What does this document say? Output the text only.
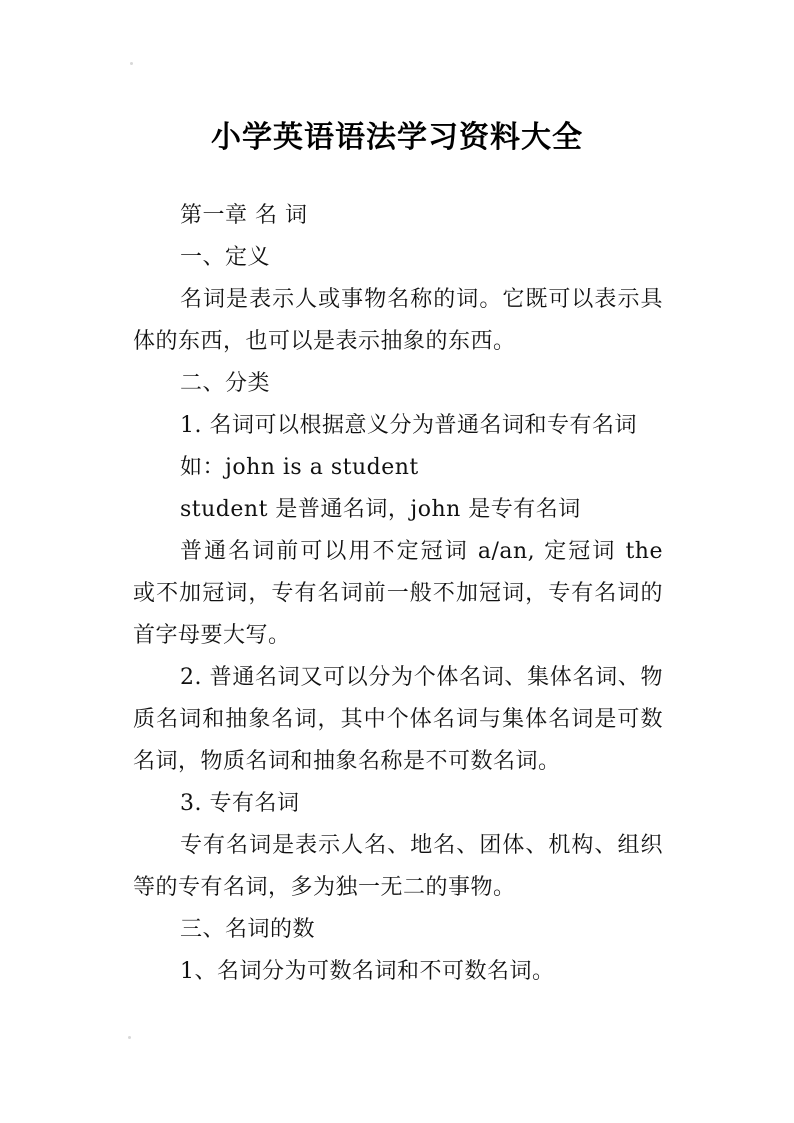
小学英语语法学习资料大全

第一章 名 词

一、定义

名词是表示人或事物名称的词。它既可以表示具体的东西，也可以是表示抽象的东西。

二、分类

1. 名词可以根据意义分为普通名词和专有名词

如：john is a student

student 是普通名词，john 是专有名词

普通名词前可以用不定冠词 a/an, 定冠词 the 或不加冠词，专有名词前一般不加冠词，专有名词的首字母要大写。

2. 普通名词又可以分为个体名词、集体名词、物质名词和抽象名词，其中个体名词与集体名词是可数名词，物质名词和抽象名称是不可数名词。

3. 专有名词

专有名词是表示人名、地名、团体、机构、组织等的专有名词，多为独一无二的事物。

三、名词的数

1、名词分为可数名词和不可数名词。
